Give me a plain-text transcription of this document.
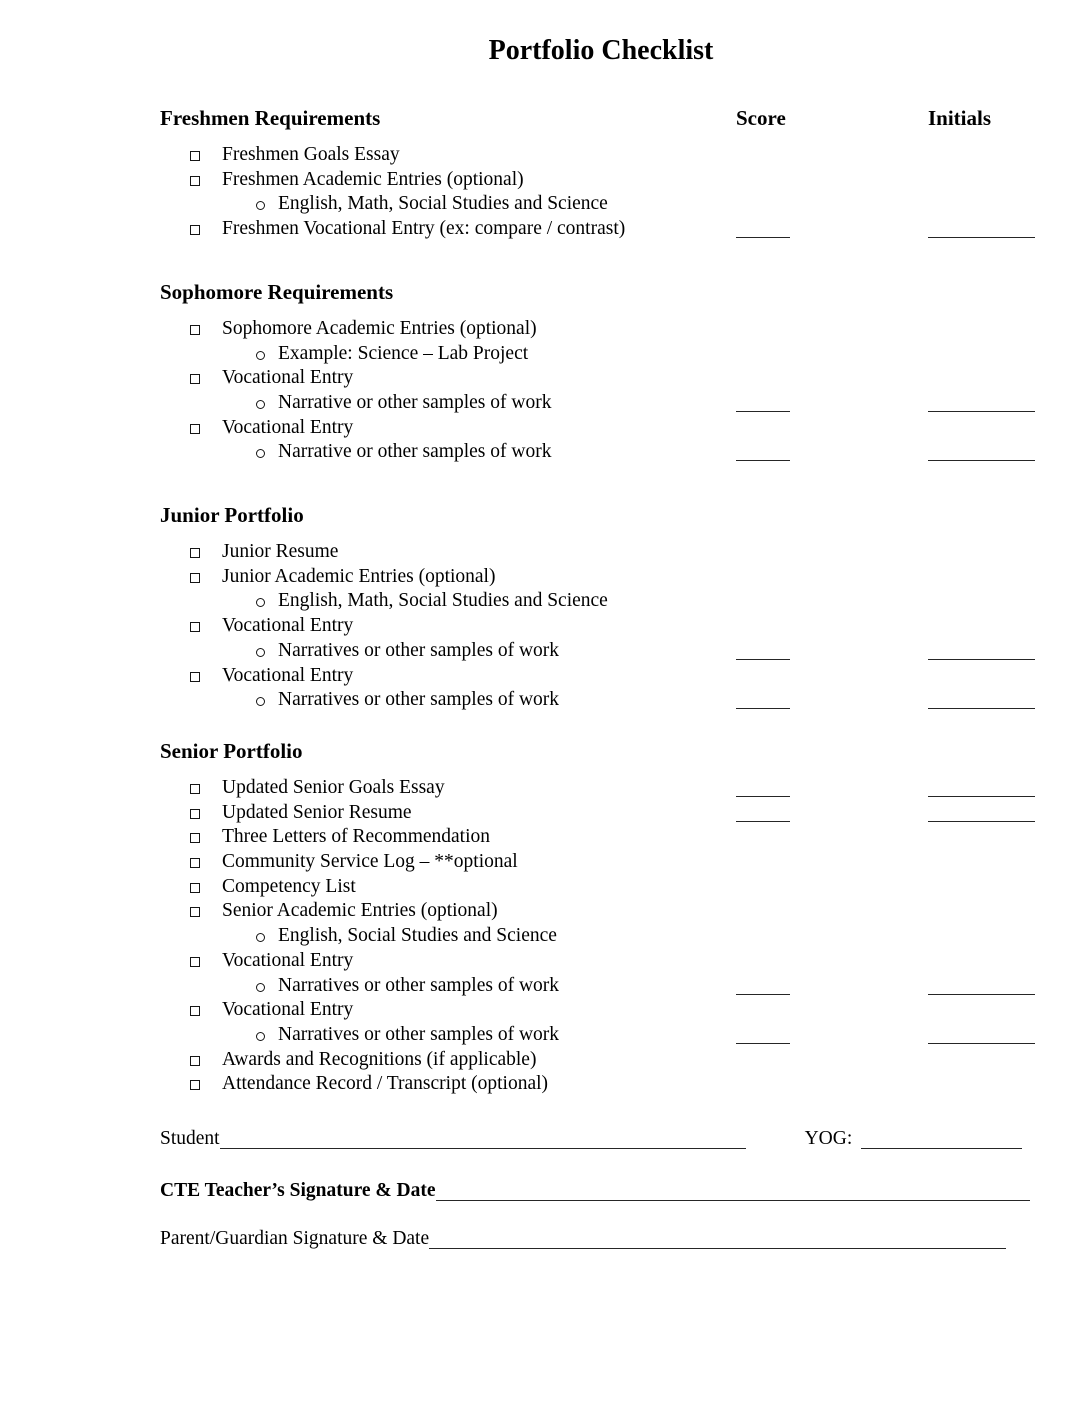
Portfolio Checklist
Freshmen Requirements	Score	Initials
Freshmen Goals Essay
Freshmen Academic Entries (optional)
English, Math, Social Studies and Science
Freshmen Vocational Entry (ex: compare / contrast)
Sophomore Requirements
Sophomore Academic Entries (optional)
Example: Science – Lab Project
Vocational Entry
Narrative or other samples of work
Vocational Entry
Narrative or other samples of work
Junior Portfolio
Junior Resume
Junior Academic Entries (optional)
English, Math, Social Studies and Science
Vocational Entry
Narratives or other samples of work
Vocational Entry
Narratives or other samples of work
Senior Portfolio
Updated Senior Goals Essay
Updated Senior Resume
Three Letters of Recommendation
Community Service Log – **optional
Competency List
Senior Academic Entries (optional)
English, Social Studies and Science
Vocational Entry
Narratives or other samples of work
Vocational Entry
Narratives or other samples of work
Awards and Recognitions (if applicable)
Attendance Record / Transcript (optional)
Student	YOG:
CTE Teacher’s Signature & Date
Parent/Guardian Signature & Date
